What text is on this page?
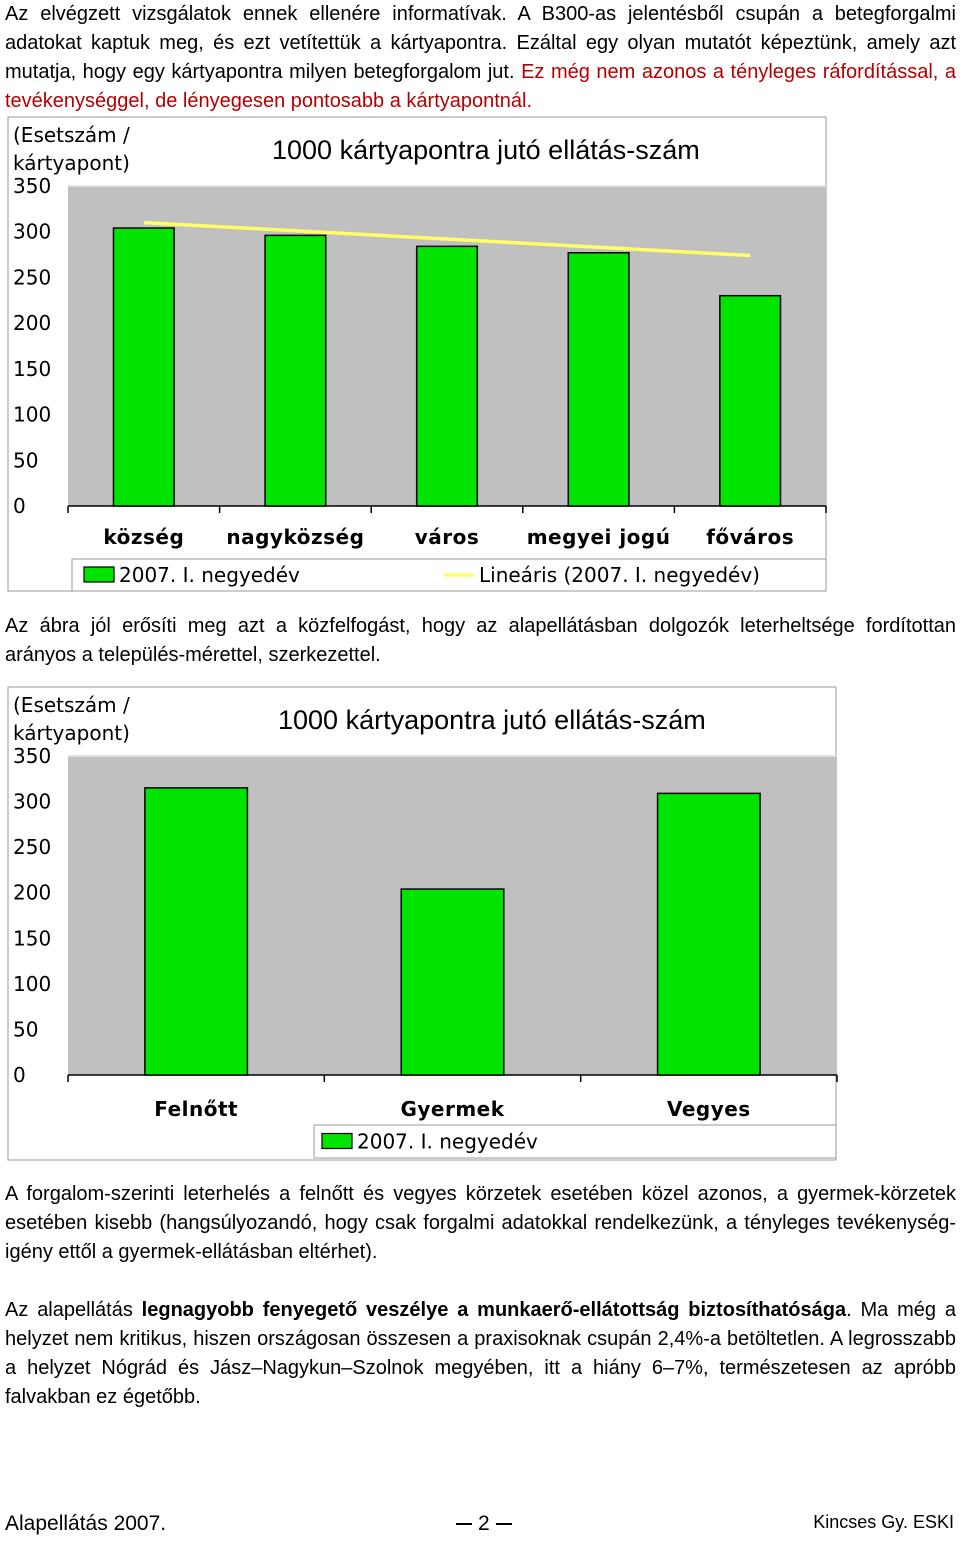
Az elvégzett vizsgálatok ennek ellenére informatívak. A B300-as jelentésből csupán a betegforgalmi adatokat kaptuk meg, és ezt vetítettük a kártyapontra. Ezáltal egy olyan mutatót képeztünk, amely azt mutatja, hogy egy kártyapontra milyen betegforgalom jut. Ez még nem azonos a tényleges ráfordítással, a tevékenységgel, de lényegesen pontosabb a kártyapontnál.

1000 kártyapontra jutó ellátás-szám
(Esetszám /
kártyapont)
0
50
100
150
200
250
300
350
község nagyközség	város megyei jogú főváros
2007. I. negyedév	Lineáris (2007. I. negyedév)

Az ábra jól erősíti meg azt a közfelfogást, hogy az alapellátásban dolgozók leterheltsége fordítottan arányos a település-mérettel, szerkezettel.

1000 kártyapontra jutó ellátás-szám
(Esetszám /
kártyapont)
0
50
100
150
200
250
300
350
Felnőtt	Gyermek	Vegyes
2007. I. negyedév

A forgalom-szerinti leterhelés a felnőtt és vegyes körzetek esetében közel azonos, a gyermek-körzetek esetében kisebb (hangsúlyozandó, hogy csak forgalmi adatokkal rendelkezünk, a tényleges tevékenység-igény ettől a gyermek-ellátásban eltérhet).

Az alapellátás legnagyobb fenyegető veszélye a munkaerő-ellátottság biztosíthatósága. Ma még a helyzet nem kritikus, hiszen országosan összesen a praxisoknak csupán 2,4%-a betöltetlen. A legrosszabb a helyzet Nógrád és Jász–Nagykun–Szolnok megyében, itt a hiány 6–7%, természetesen az apróbb falvakban ez égetőbb.

Alapellátás 2007.	2	Kincses Gy. ESKI
